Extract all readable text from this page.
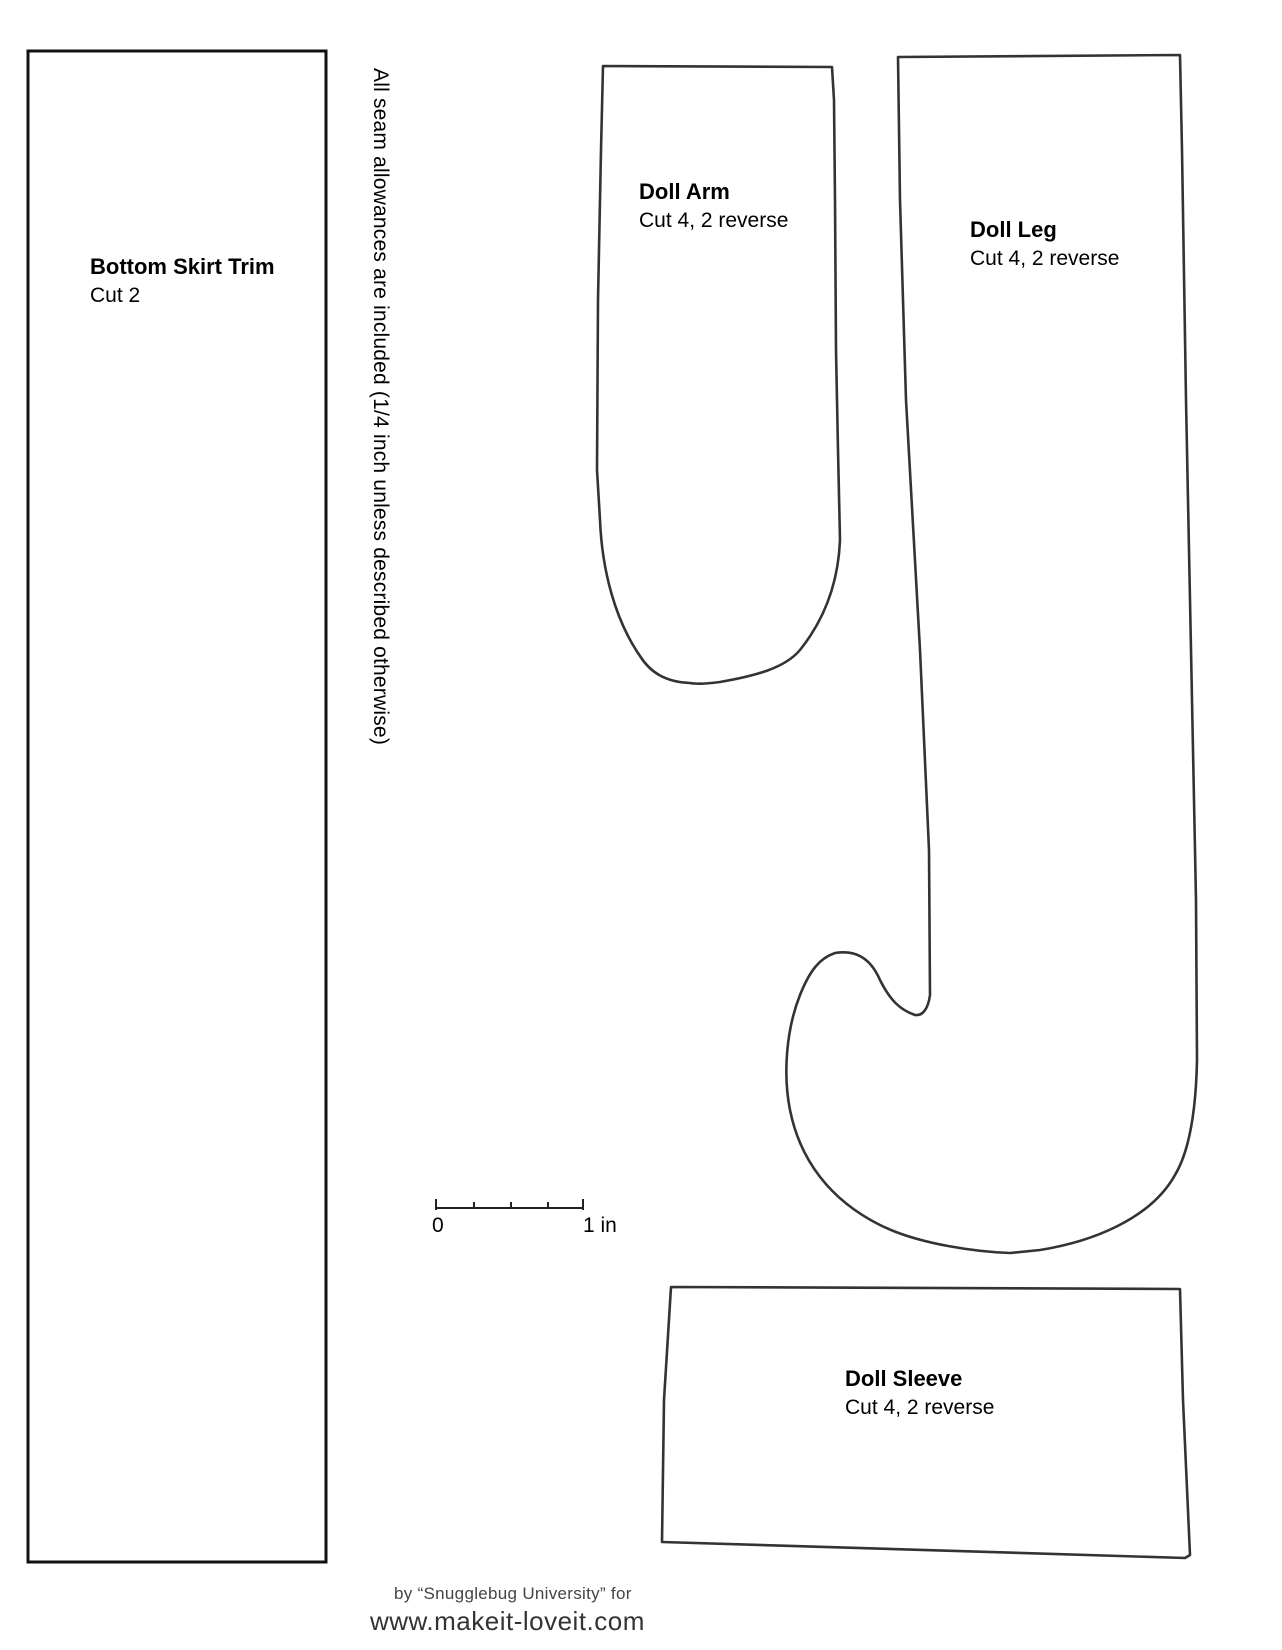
Bottom Skirt Trim
Cut 2
Doll Arm
Cut 4, 2 reverse	Doll Leg
Cut 4, 2 reverse
Doll Sleeve
Cut 4, 2 reverse
All seam allowances are included (1/4 inch unless described otherwise)
0	1 in
by “Snugglebug University” for
www.makeit-loveit.com
